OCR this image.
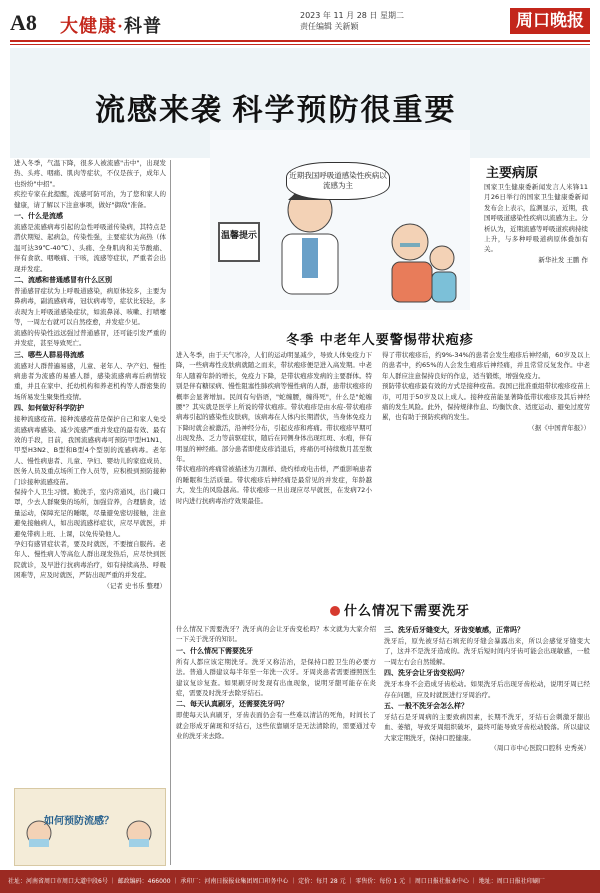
A8 大健康·科普
2023 年 11 月 28 日 星期二
责任编辑 关新颖	周口晚报
流感来袭 科学预防很重要
近期我国呼吸道感染性疾病以流感为主
温馨提示

进入冬季，气温下降，很多人被流感"击中"，出现发热、头疼、咽痛、肌肉等症状，不仅是孩子，成年人也纷纷"中招"。

疾控专家在此提醒，流感可防可治，为了您和家人的健康，请了解以下注意事项，做好"御敌"准备。

一、什么是流感

流感是流感病毒引起的急性呼吸道传染病，其特点是潜伏期短、起病急，传染性强，主要症状为高热（体温可达39℃-40℃）、头痛、全身肌肉和关节酸痛、伴有食欲、咽喉痛、干咳，流感等症状，严重者会出现并发症。

二、流感和普通感冒有什么区别

普通感冒症状为上呼吸道感染，病原体较多，主要为鼻病毒，副流感病毒，冠状病毒等，症状比较轻，多表现为上呼吸道感染症状，如流鼻涕、咳嗽、打喷嚏等，一周左右就可以自然痊愈，并发症少见。

流感的传染性远远强过普通感冒，还可能引发严重的并发症，甚至导致死亡。

三、哪些人群易得流感

流感对人群普遍易感，儿童、老年人、孕产妇、慢性病患者为流感的易感人群，感染流感病毒后病情较重，并且在家中、托幼机构和养老机构等人群密集的场所易发生聚集性疫情。

四、如何做好科学防护

接种流感疫苗。接种流感疫苗是保护自己和家人免受流感病毒感染、减少流感严重并发症的最有效、最有效的手段，目前，我国流感病毒可预防甲型H1N1、甲型H3N2、B型和B型4个型别的流感病毒。老年人、慢性病患者、儿童、孕妇、婴幼儿的家庭成员、医务人员及重点场所工作人员等，应积极到预防接种门诊接种流感疫苗。

保持个人卫生习惯。勤洗手，室内常通风，出门戴口罩，少去人群聚集的场所，加强营养，合理膳食，适量运动，保障充足的睡眠，尽量避免密切接触，注意避免接触病人，如出现流感样症状，应尽早就医，并避免带病上班、上课，以免传染他人。

孕妇有感冒症状者，要及时就医，不要擅自服药。老年人、慢性病人等高危人群出现发热后，应尽快到医院就诊，及早进行抗病毒治疗，如有持续高热、呼吸困难等，应及时就医，严防出现严重的并发症。

（记者 史书乐 整理）

如何预防流感？
主要病原

国家卫生健康委新闻发言人米锋11月26日举行的国家卫生健康委新闻发布会上表示，监测显示，近期，我国呼吸道感染性疾病以流感为主。分析认为，近期流感等呼吸道疾病持续上升，与多种呼吸道病原体叠加有关。

新华社发 王鹏 作

冬季 中老年人要警惕带状疱疹

进入冬季，由于天气寒冷，人们的运动明显减少，导致人体免疫力下降，一些病毒性皮肤病就随之而来，带状疱疹便是进入高发期。中老年人随着年龄的增长，免疫力下降，是带状疱疹发病的主要群体。特别是伴有糖尿病、慢性阻塞性肺疾病等慢性病的人群，患带状疱疹的概率会显著增加。民间有句俗语，"蛇缠腰，缠得死"，什么是"蛇缠腰"？其实就是医学上所说的带状疱疹。带状疱疹是由水痘-带状疱疹病毒引起的感染性皮肤病，该病毒在人体内长期潜伏，当身体免疫力下降时就会被激活，沿神经分布，引起皮疹和疼痛。带状疱疹早期可出现发热、乏力等前驱症状，随后在同侧身体出现红斑、水疱，伴有明显的神经痛。部分患者即使皮疹消退后，疼痛仍可持续数月甚至数年。

带状疱疹的疼痛常被描述为刀割样、烧灼样或电击样，严重影响患者的睡眠和生活质量。带状疱疹后神经痛是最常见的并发症，年龄越大，发生的风险越高。带状疱疹一旦出现应尽早就医，在发病72小时内进行抗病毒治疗效果最佳。

得了带状疱疹后，约9%-34%的患者会发生疱疹后神经痛，60岁及以上的患者中，约65%的人会发生疱疹后神经痛，并且常常反复发作。中老年人群应注意保持良好的作息，适当锻炼，增强免疫力。

预防带状疱疹最有效的方式是接种疫苗。我国已批准重组带状疱疹疫苗上市，可用于50岁及以上成人。接种疫苗能显著降低带状疱疹及其后神经痛的发生风险。此外，保持规律作息、均衡饮食、适度运动、避免过度劳累，也有助于预防疾病的发生。

（据《中国青年报》）

什么情况下需要洗牙

什么情况下需要洗牙？洗牙真的会让牙齿变松吗？本文就为大家介绍一下关于洗牙的知识。

一、什么情况下需要洗牙

所有人都应该定期洗牙。洗牙又称洁治，是保持口腔卫生的必要方法。普通人群建议每半年至一年洗一次牙。牙周炎患者需要遵照医生建议复诊复查。如果刷牙时发现有出血现象，说明牙龈可能存在炎症，需要及时洗牙去除牙结石。

二、每天认真刷牙，还需要洗牙吗？

即使每天认真刷牙，牙齿表面仍会有一些难以清洁的死角，时间长了就会形成牙菌斑和牙结石，这些依靠刷牙是无法清除的，需要通过专业的洗牙来去除。

三、洗牙后牙缝变大，牙齿变敏感，正常吗？

洗牙后，原先被牙结石填充的牙缝会暴露出来，所以会感觉牙缝变大了，这并不是洗牙造成的。洗牙后短时间内牙齿可能会出现敏感，一般一周左右会自然缓解。

四、洗牙会让牙齿变松吗？

洗牙本身不会造成牙齿松动。如果洗牙后出现牙齿松动，说明牙周已经存在问题，应及时就医进行牙周治疗。

五、一般不洗牙会怎么样？

牙结石是牙周病的主要致病因素，长期不洗牙，牙结石会刺激牙龈出血、萎缩，导致牙周组织破坏，最终可能导致牙齿松动脱落。所以建议大家定期洗牙，保持口腔健康。

（周口市中心医院口腔科 史秀英）

社址：河南省周口市周口大道中段6号 ｜ 邮政编码：466000 ｜ 承印厂：河南日报报业集团周口印务中心 ｜ 定价：每月 28 元 ｜ 零售价：每份 1 元 ｜ 周口日报社报业中心 ｜ 地址：周口日报社印刷厂
